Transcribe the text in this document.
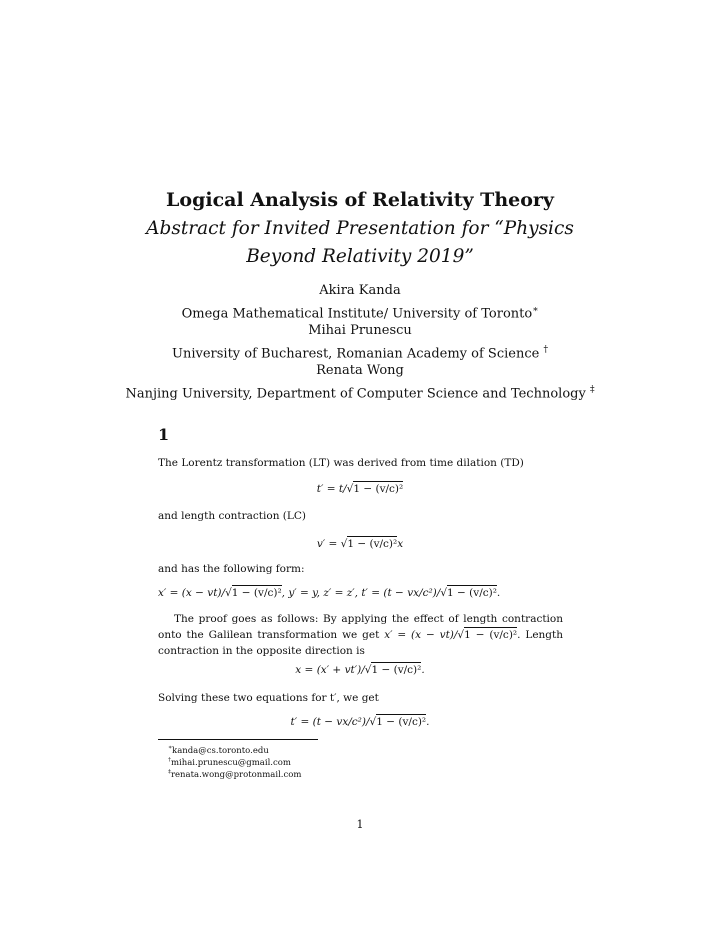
Logical Analysis of Relativity Theory
Abstract for Invited Presentation for “Physics
Beyond Relativity 2019”
Akira Kanda
Omega Mathematical Institute/ University of Toronto∗
Mihai Prunescu
University of Bucharest, Romanian Academy of Science †
Renata Wong
Nanjing University, Department of Computer Science and Technology ‡
1
The Lorentz transformation (LT) was derived from time dilation (TD)
t′ = t/√1 − (v/c)²
and length contraction (LC)
v′ = √1 − (v/c)²x
and has the following form:
x′ = (x − vt)/√1 − (v/c)², y′ = y, z′ = z′, t′ = (t − vx/c²)/√1 − (v/c)².
The proof goes as follows: By applying the effect of length contraction onto the Galilean transformation we get x′ = (x − vt)/√1 − (v/c)². Length contraction in the opposite direction is
x = (x′ + vt′)/√1 − (v/c)².
Solving these two equations for t′, we get
t′ = (t − vx/c²)/√1 − (v/c)².
∗kanda@cs.toronto.edu
†mihai.prunescu@gmail.com
‡renata.wong@protonmail.com
1
